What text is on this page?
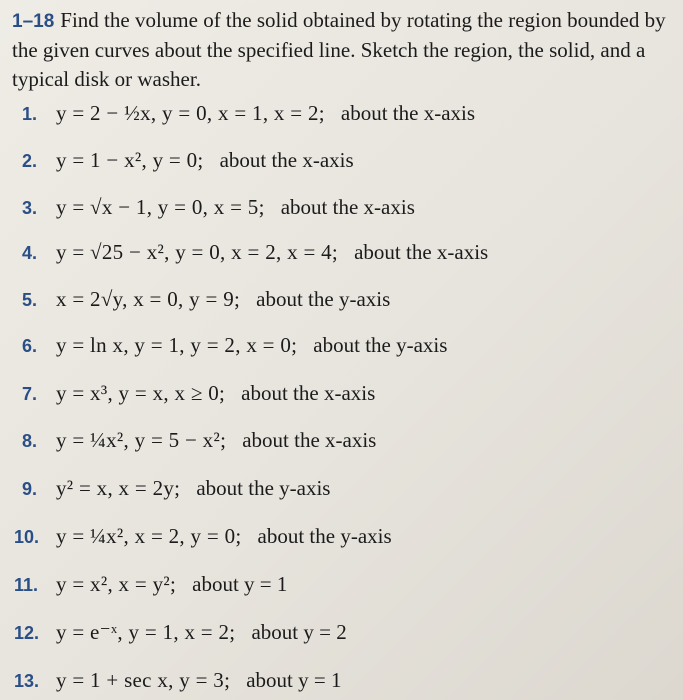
1–18 Find the volume of the solid obtained by rotating the region bounded by the given curves about the specified line. Sketch the region, the solid, and a typical disk or washer.
1. y = 2 − ½x, y = 0, x = 1, x = 2; about the x-axis
2. y = 1 − x², y = 0; about the x-axis
3. y = √x − 1, y = 0, x = 5; about the x-axis
4. y = √25 − x², y = 0, x = 2, x = 4; about the x-axis
5. x = 2√y, x = 0, y = 9; about the y-axis
6. y = ln x, y = 1, y = 2, x = 0; about the y-axis
7. y = x³, y = x, x ≥ 0; about the x-axis
8. y = ¼x², y = 5 − x²; about the x-axis
9. y² = x, x = 2y; about the y-axis
10. y = ¼x², x = 2, y = 0; about the y-axis
11. y = x², x = y²; about y = 1
12. y = e⁻ˣ, y = 1, x = 2; about y = 2
13. y = 1 + sec x, y = 3; about y = 1
